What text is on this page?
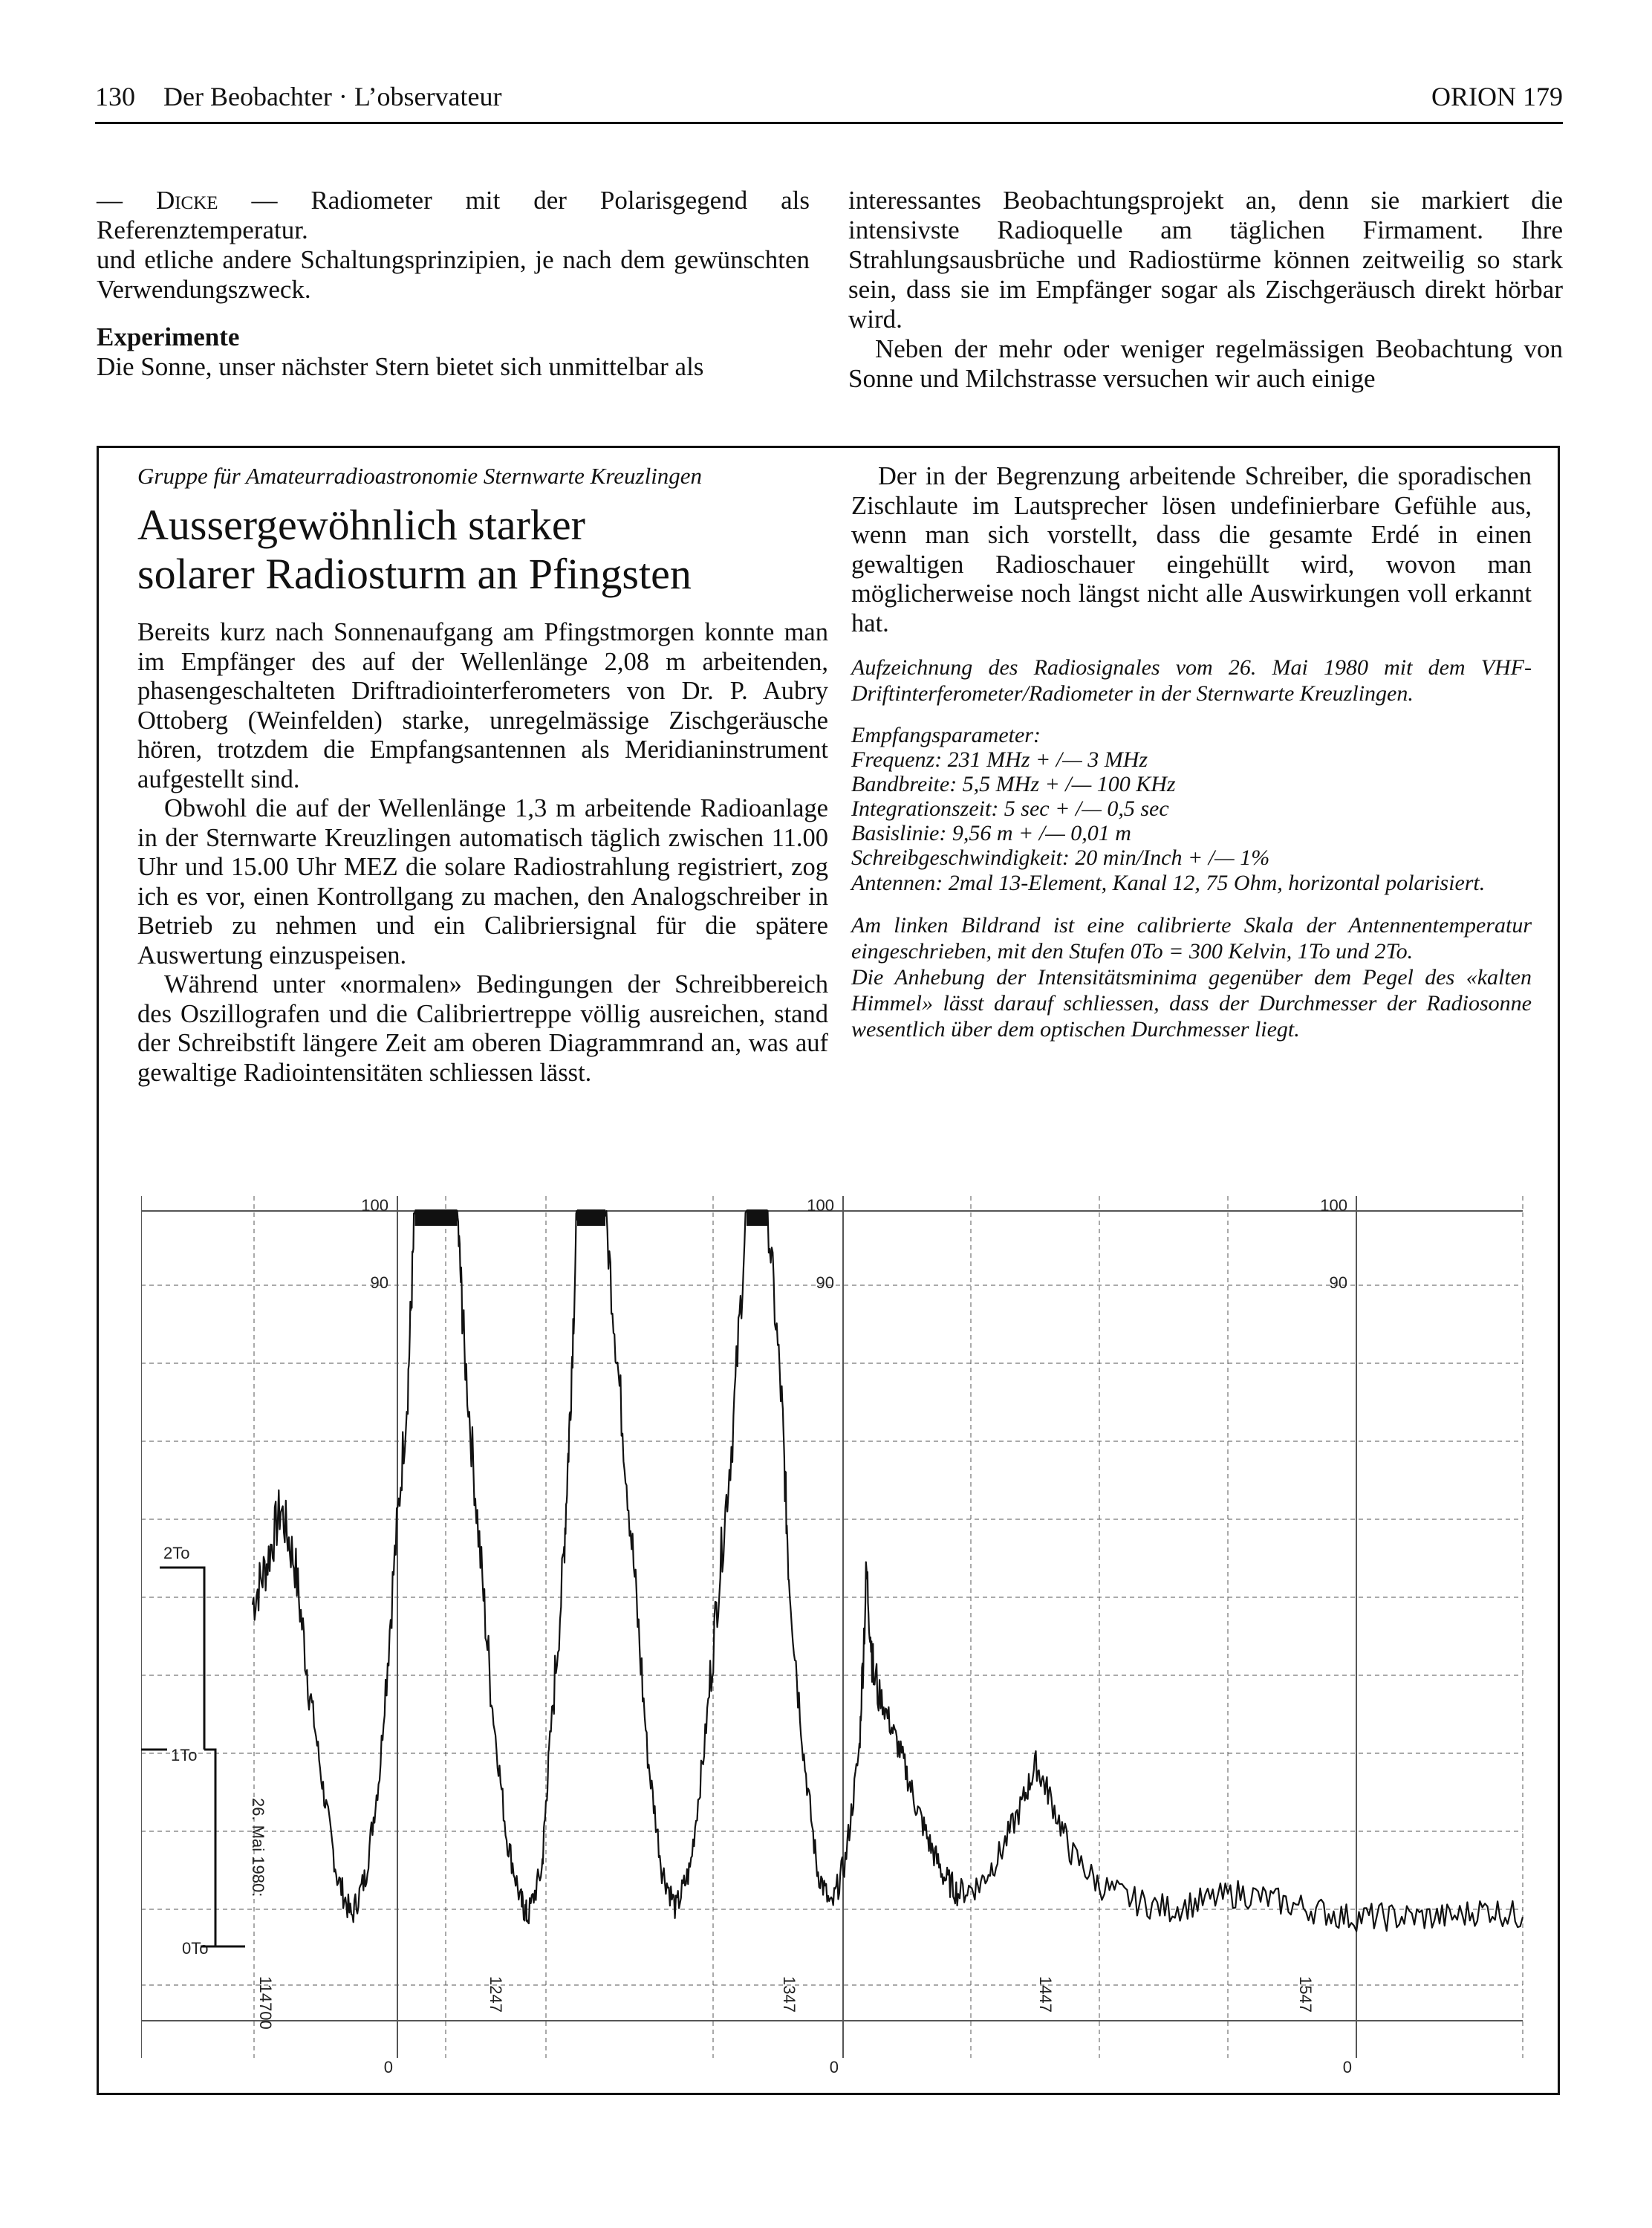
130 Der Beobachter · L’observateur	ORION 179

— Dicke — Radiometer mit der Polarisgegend als Referenztemperatur.

und etliche andere Schaltungsprinzipien, je nach dem gewünschten Verwendungszweck.

Experimente

Die Sonne, unser nächster Stern bietet sich unmittelbar als

interessantes Beobachtungsprojekt an, denn sie markiert die intensivste Radioquelle am täglichen Firmament. Ihre Strahlungsausbrüche und Radiostürme können zeitweilig so stark sein, dass sie im Empfänger sogar als Zischgeräusch direkt hörbar wird.

Neben der mehr oder weniger regelmässigen Beobachtung von Sonne und Milchstrasse versuchen wir auch einige

Gruppe für Amateurradioastronomie Sternwarte Kreuzlingen
Aussergewöhnlich starker
solarer Radiosturm an Pfingsten

Bereits kurz nach Sonnenaufgang am Pfingstmorgen konnte man im Empfänger des auf der Wellenlänge 2,08 m arbeitenden, phasengeschalteten Driftradiointerferometers von Dr. P. Aubry Ottoberg (Weinfelden) starke, unregelmässige Zischgeräusche hören, trotzdem die Empfangsantennen als Meridianinstrument aufgestellt sind.

Obwohl die auf der Wellenlänge 1,3 m arbeitende Radioanlage in der Sternwarte Kreuzlingen automatisch täglich zwischen 11.00 Uhr und 15.00 Uhr MEZ die solare Radiostrahlung registriert, zog ich es vor, einen Kontrollgang zu machen, den Analogschreiber in Betrieb zu nehmen und ein Calibriersignal für die spätere Auswertung einzuspeisen.

Während unter «normalen» Bedingungen der Schreibbereich des Oszillografen und die Calibriertreppe völlig ausreichen, stand der Schreibstift längere Zeit am oberen Diagrammrand an, was auf gewaltige Radiointensitäten schliessen lässt.

Der in der Begrenzung arbeitende Schreiber, die sporadischen Zischlaute im Lautsprecher lösen undefinierbare Gefühle aus, wenn man sich vorstellt, dass die gesamte Erdé in einen gewaltigen Radioschauer eingehüllt wird, wovon man möglicherweise noch längst nicht alle Auswirkungen voll erkannt hat.

Aufzeichnung des Radiosignales vom 26. Mai 1980 mit dem VHF-Driftinterferometer/Radiometer in der Sternwarte Kreuzlingen.

Empfangsparameter:
Frequenz: 231 MHz + /— 3 MHz
Bandbreite: 5,5 MHz + /— 100 KHz
Integrationszeit: 5 sec + /— 0,5 sec
Basislinie: 9,56 m + /— 0,01 m
Schreibgeschwindigkeit: 20 min/Inch + /— 1%

Antennen: 2mal 13-Element, Kanal 12, 75 Ohm, horizontal polarisiert.

Am linken Bildrand ist eine calibrierte Skala der Antennentemperatur eingeschrieben, mit den Stufen 0To = 300 Kelvin, 1To und 2To.

Die Anhebung der Intensitätsminima gegenüber dem Pegel des «kalten Himmel» lässt darauf schliessen, dass der Durchmesser der Radiosonne wesentlich über dem optischen Durchmesser liegt.

2To
1To
0To
100
90
0
100
90
0
100
90
0
26. Mai 1980:
114700	1247	1347	1447	1547
